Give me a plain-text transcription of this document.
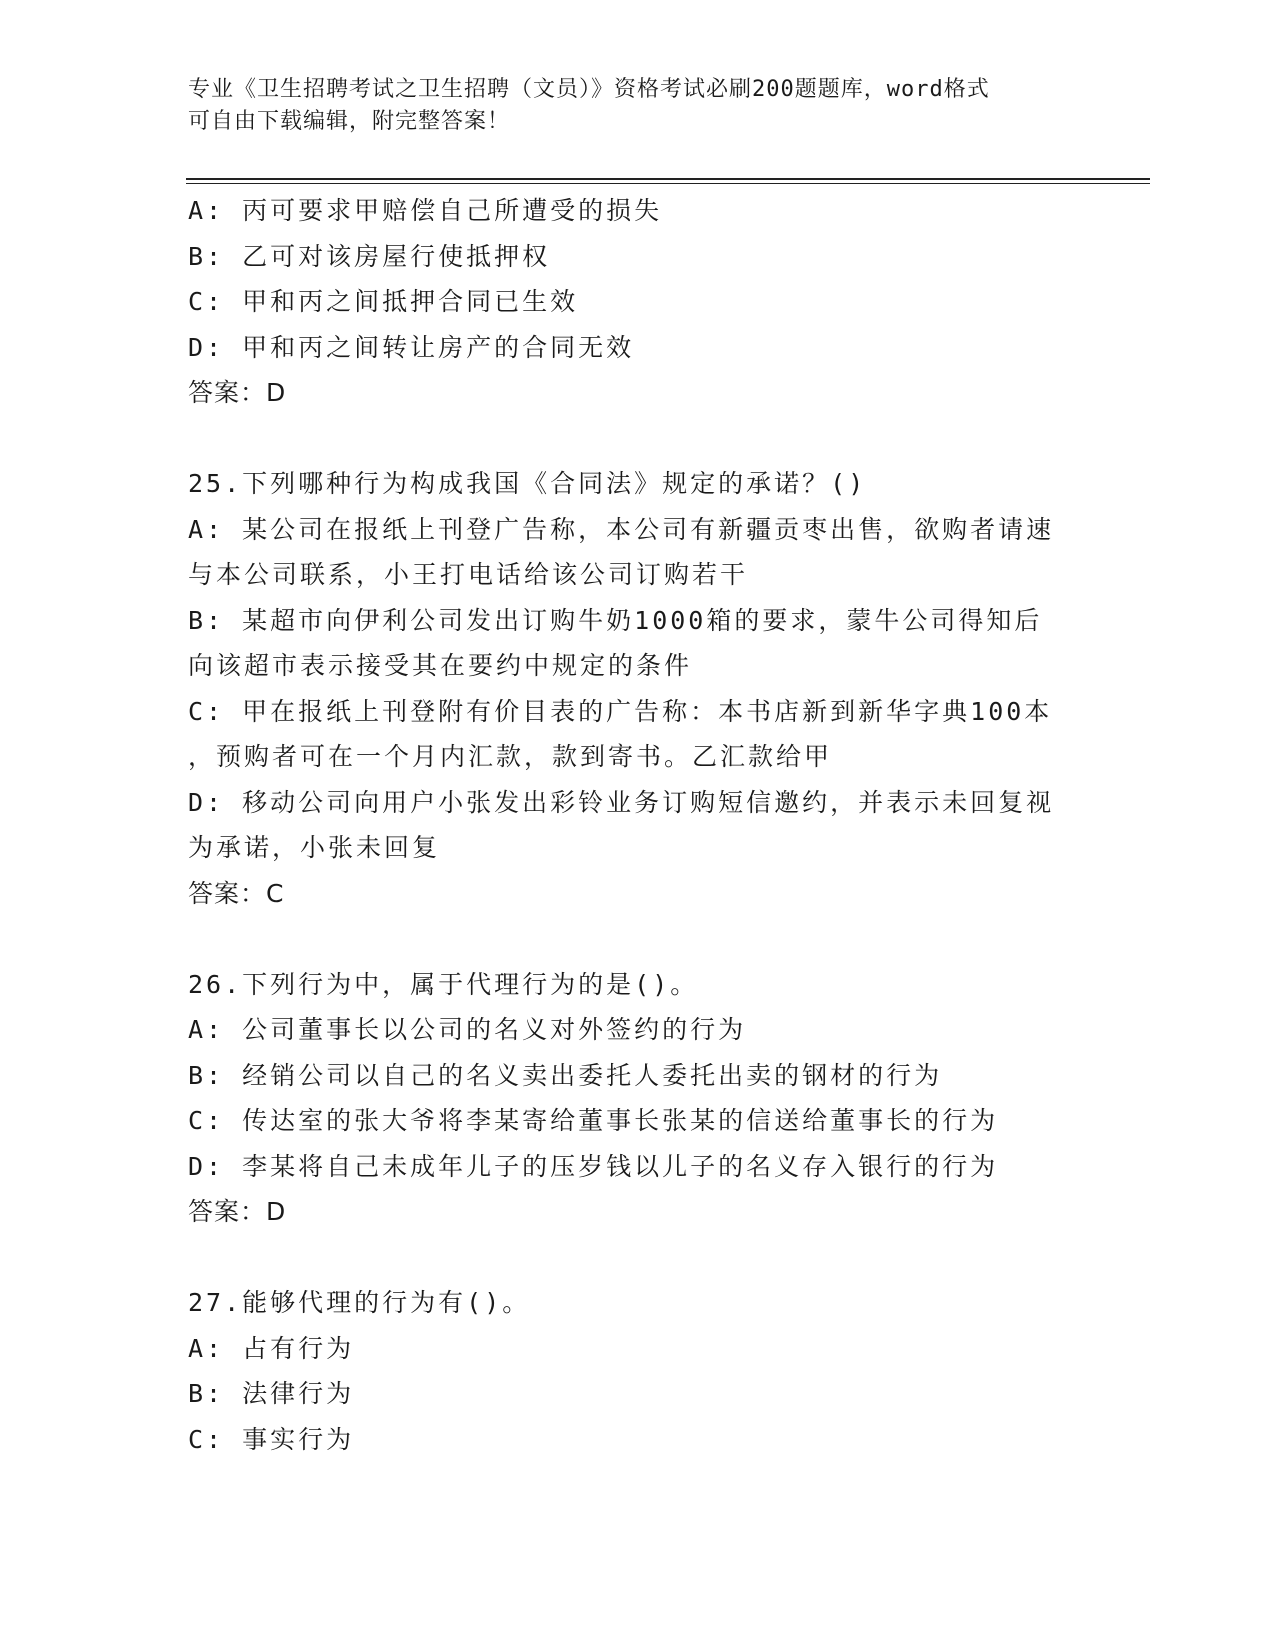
专业《卫生招聘考试之卫生招聘（文员）》资格考试必刷200题题库，word格式
可自由下载编辑，附完整答案！
A: 丙可要求甲赔偿自己所遭受的损失
B: 乙可对该房屋行使抵押权
C: 甲和丙之间抵押合同已生效
D: 甲和丙之间转让房产的合同无效
答案：D
25.下列哪种行为构成我国《合同法》规定的承诺？()
A: 某公司在报纸上刊登广告称，本公司有新疆贡枣出售，欲购者请速
与本公司联系，小王打电话给该公司订购若干
B: 某超市向伊利公司发出订购牛奶1000箱的要求，蒙牛公司得知后
向该超市表示接受其在要约中规定的条件
C: 甲在报纸上刊登附有价目表的广告称：本书店新到新华字典100本
，预购者可在一个月内汇款，款到寄书。乙汇款给甲
D: 移动公司向用户小张发出彩铃业务订购短信邀约，并表示未回复视
为承诺，小张未回复
答案：C
26.下列行为中，属于代理行为的是()。
A: 公司董事长以公司的名义对外签约的行为
B: 经销公司以自己的名义卖出委托人委托出卖的钢材的行为
C: 传达室的张大爷将李某寄给董事长张某的信送给董事长的行为
D: 李某将自己未成年儿子的压岁钱以儿子的名义存入银行的行为
答案：D
27.能够代理的行为有()。
A: 占有行为
B: 法律行为
C: 事实行为
